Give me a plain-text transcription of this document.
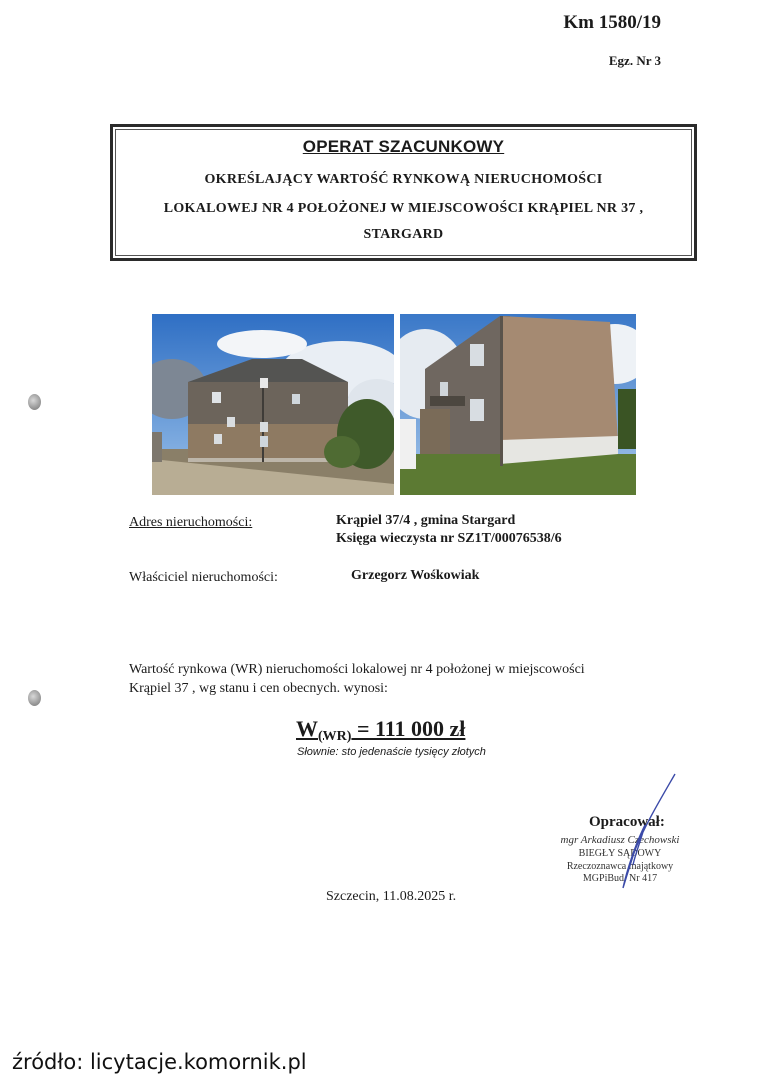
Km 1580/19
Egz. Nr 3
OPERAT SZACUNKOWY
OKREŚLAJĄCY WARTOŚĆ RYNKOWĄ NIERUCHOMOŚCI
LOKALOWEJ NR 4 POŁOŻONEJ W MIEJSCOWOŚCI KRĄPIEL NR 37 ,
STARGARD
Adres nieruchomości:	Krąpiel 37/4 , gmina Stargard
Księga wieczysta nr SZ1T/00076538/6
Właściciel nieruchomości:	Grzegorz Wośkowiak
Wartość rynkowa (WR) nieruchomości lokalowej nr 4 położonej w miejscowości
Krąpiel 37 , wg stanu i cen obecnych. wynosi:
$W_{(WR)} = 111$ 000 zł
Słownie: sto jedenaście tysięcy złotych
Opracował:
mgr Arkadiusz Czechowski
BIEGŁY SĄDOWY
Rzeczoznawca majątkowy
MGPiBud. Nr 417
Szczecin, 11.08.2025 r.
źródło: licytacje.komornik.pl
